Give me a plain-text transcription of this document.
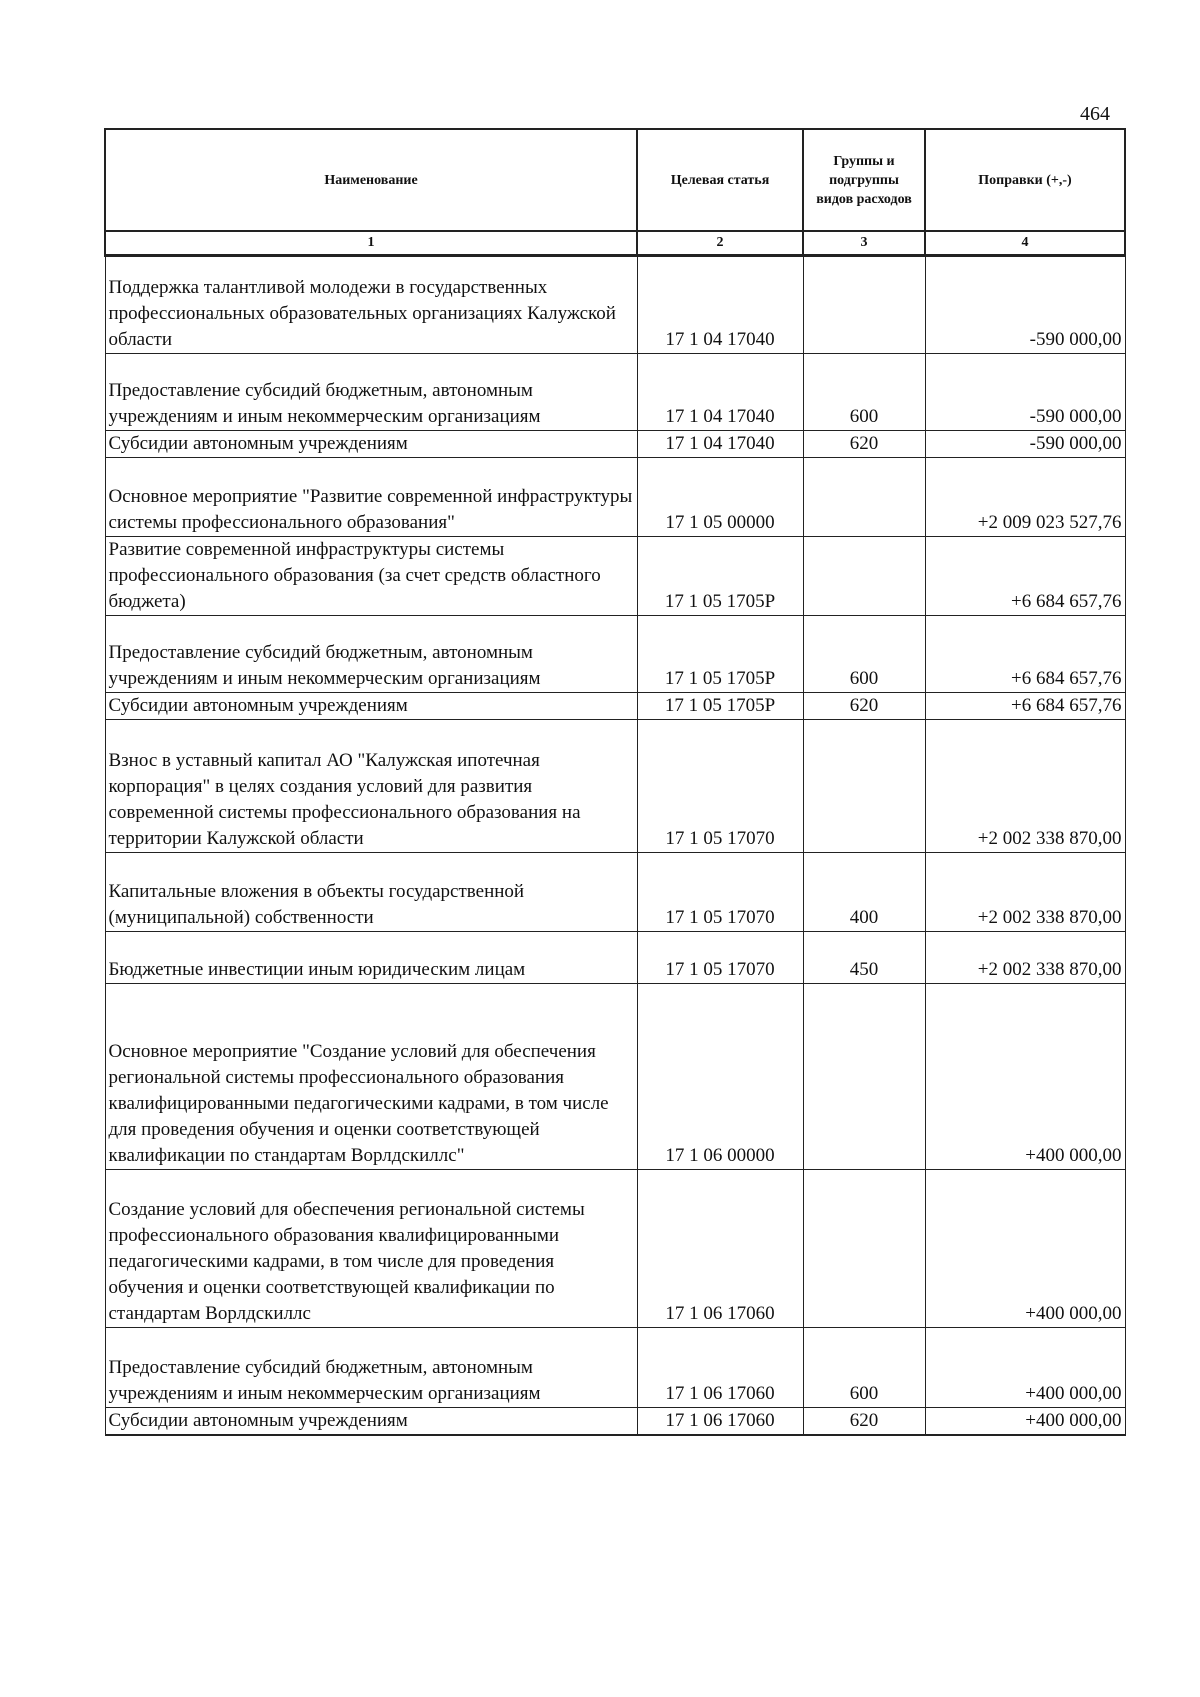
464
Наименование	Целевая статья	Группы и подгруппы видов расходов	Поправки (+,-)
1	2	3	4
Поддержка талантливой молодежи в государственных профессиональных образовательных организациях Калужской области	17 1 04 17040		-590 000,00
Предоставление субсидий бюджетным, автономным учреждениям и иным некоммерческим организациям	17 1 04 17040	600	-590 000,00
Субсидии автономным учреждениям	17 1 04 17040	620	-590 000,00
Основное мероприятие "Развитие современной инфраструктуры системы профессионального образования"	17 1 05 00000		+2 009 023 527,76
Развитие современной инфраструктуры системы профессионального образования (за счет средств областного бюджета)	17 1 05 1705P		+6 684 657,76
Предоставление субсидий бюджетным, автономным учреждениям и иным некоммерческим организациям	17 1 05 1705P	600	+6 684 657,76
Субсидии автономным учреждениям	17 1 05 1705P	620	+6 684 657,76
Взнос в уставный капитал АО "Калужская ипотечная корпорация" в целях создания условий для развития современной системы профессионального образования на территории Калужской области	17 1 05 17070		+2 002 338 870,00
Капитальные вложения в объекты государственной (муниципальной) собственности	17 1 05 17070	400	+2 002 338 870,00
Бюджетные инвестиции иным юридическим лицам	17 1 05 17070	450	+2 002 338 870,00
Основное мероприятие "Создание условий для обеспечения региональной системы профессионального образования квалифицированными педагогическими кадрами, в том числе для проведения обучения и оценки соответствующей квалификации по стандартам Ворлдскиллс"	17 1 06 00000		+400 000,00
Создание условий для обеспечения региональной системы профессионального образования квалифицированными педагогическими кадрами, в том числе для проведения обучения и оценки соответствующей квалификации по стандартам Ворлдскиллс	17 1 06 17060		+400 000,00
Предоставление субсидий бюджетным, автономным учреждениям и иным некоммерческим организациям	17 1 06 17060	600	+400 000,00
Субсидии автономным учреждениям	17 1 06 17060	620	+400 000,00
